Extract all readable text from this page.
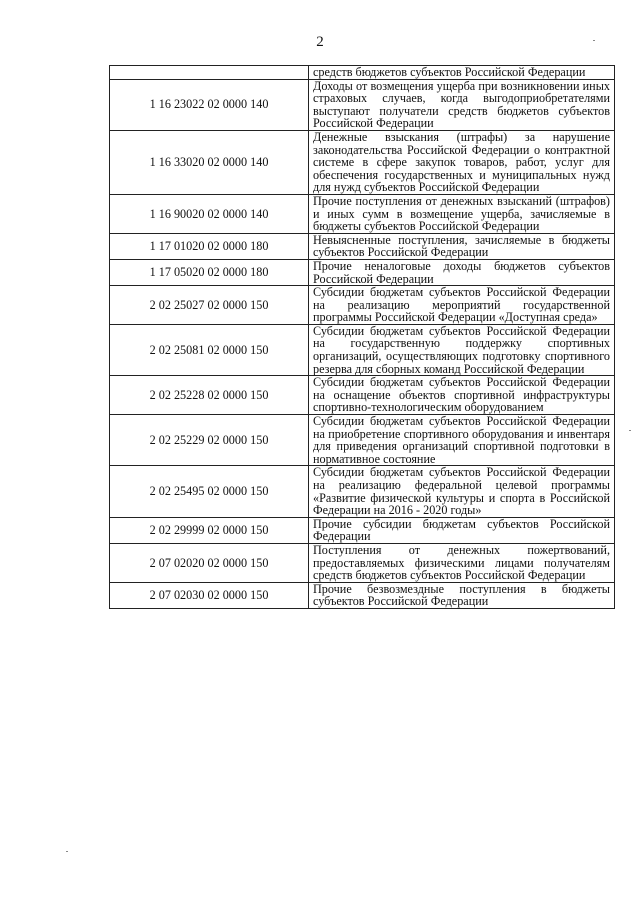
2
	средств бюджетов субъектов Российской Федерации
1 16 23022 02 0000 140	Доходы от возмещения ущерба при возникновении иных страховых случаев, когда выгодоприобретателями выступают получатели средств бюджетов субъектов Российской Федерации
1 16 33020 02 0000 140	Денежные взыскания (штрафы) за нарушение законодательства Российской Федерации о контрактной системе в сфере закупок товаров, работ, услуг для обеспечения государственных и муниципальных нужд для нужд субъектов Российской Федерации
1 16 90020 02 0000 140	Прочие поступления от денежных взысканий (штрафов) и иных сумм в возмещение ущерба, зачисляемые в бюджеты субъектов Российской Федерации
1 17 01020 02 0000 180	Невыясненные поступления, зачисляемые в бюджеты субъектов Российской Федерации
1 17 05020 02 0000 180	Прочие неналоговые доходы бюджетов субъектов Российской Федерации
2 02 25027 02 0000 150	Субсидии бюджетам субъектов Российской Федерации на реализацию мероприятий государственной программы Российской Федерации «Доступная среда»
2 02 25081 02 0000 150	Субсидии бюджетам субъектов Российской Федерации на государственную поддержку спортивных организаций, осуществляющих подготовку спортивного резерва для сборных команд Российской Федерации
2 02 25228 02 0000 150	Субсидии бюджетам субъектов Российской Федерации на оснащение объектов спортивной инфраструктуры спортивно-технологическим оборудованием
2 02 25229 02 0000 150	Субсидии бюджетам субъектов Российской Федерации на приобретение спортивного оборудования и инвентаря для приведения организаций спортивной подготовки в нормативное состояние
2 02 25495 02 0000 150	Субсидии бюджетам субъектов Российской Федерации на реализацию федеральной целевой программы «Развитие физической культуры и спорта в Российской Федерации на 2016 - 2020 годы»
2 02 29999 02 0000 150	Прочие субсидии бюджетам субъектов Российской Федерации
2 07 02020 02 0000 150	Поступления от денежных пожертвований, предоставляемых физическими лицами получателям средств бюджетов субъектов Российской Федерации
2 07 02030 02 0000 150	Прочие безвозмездные поступления в бюджеты субъектов Российской Федерации
